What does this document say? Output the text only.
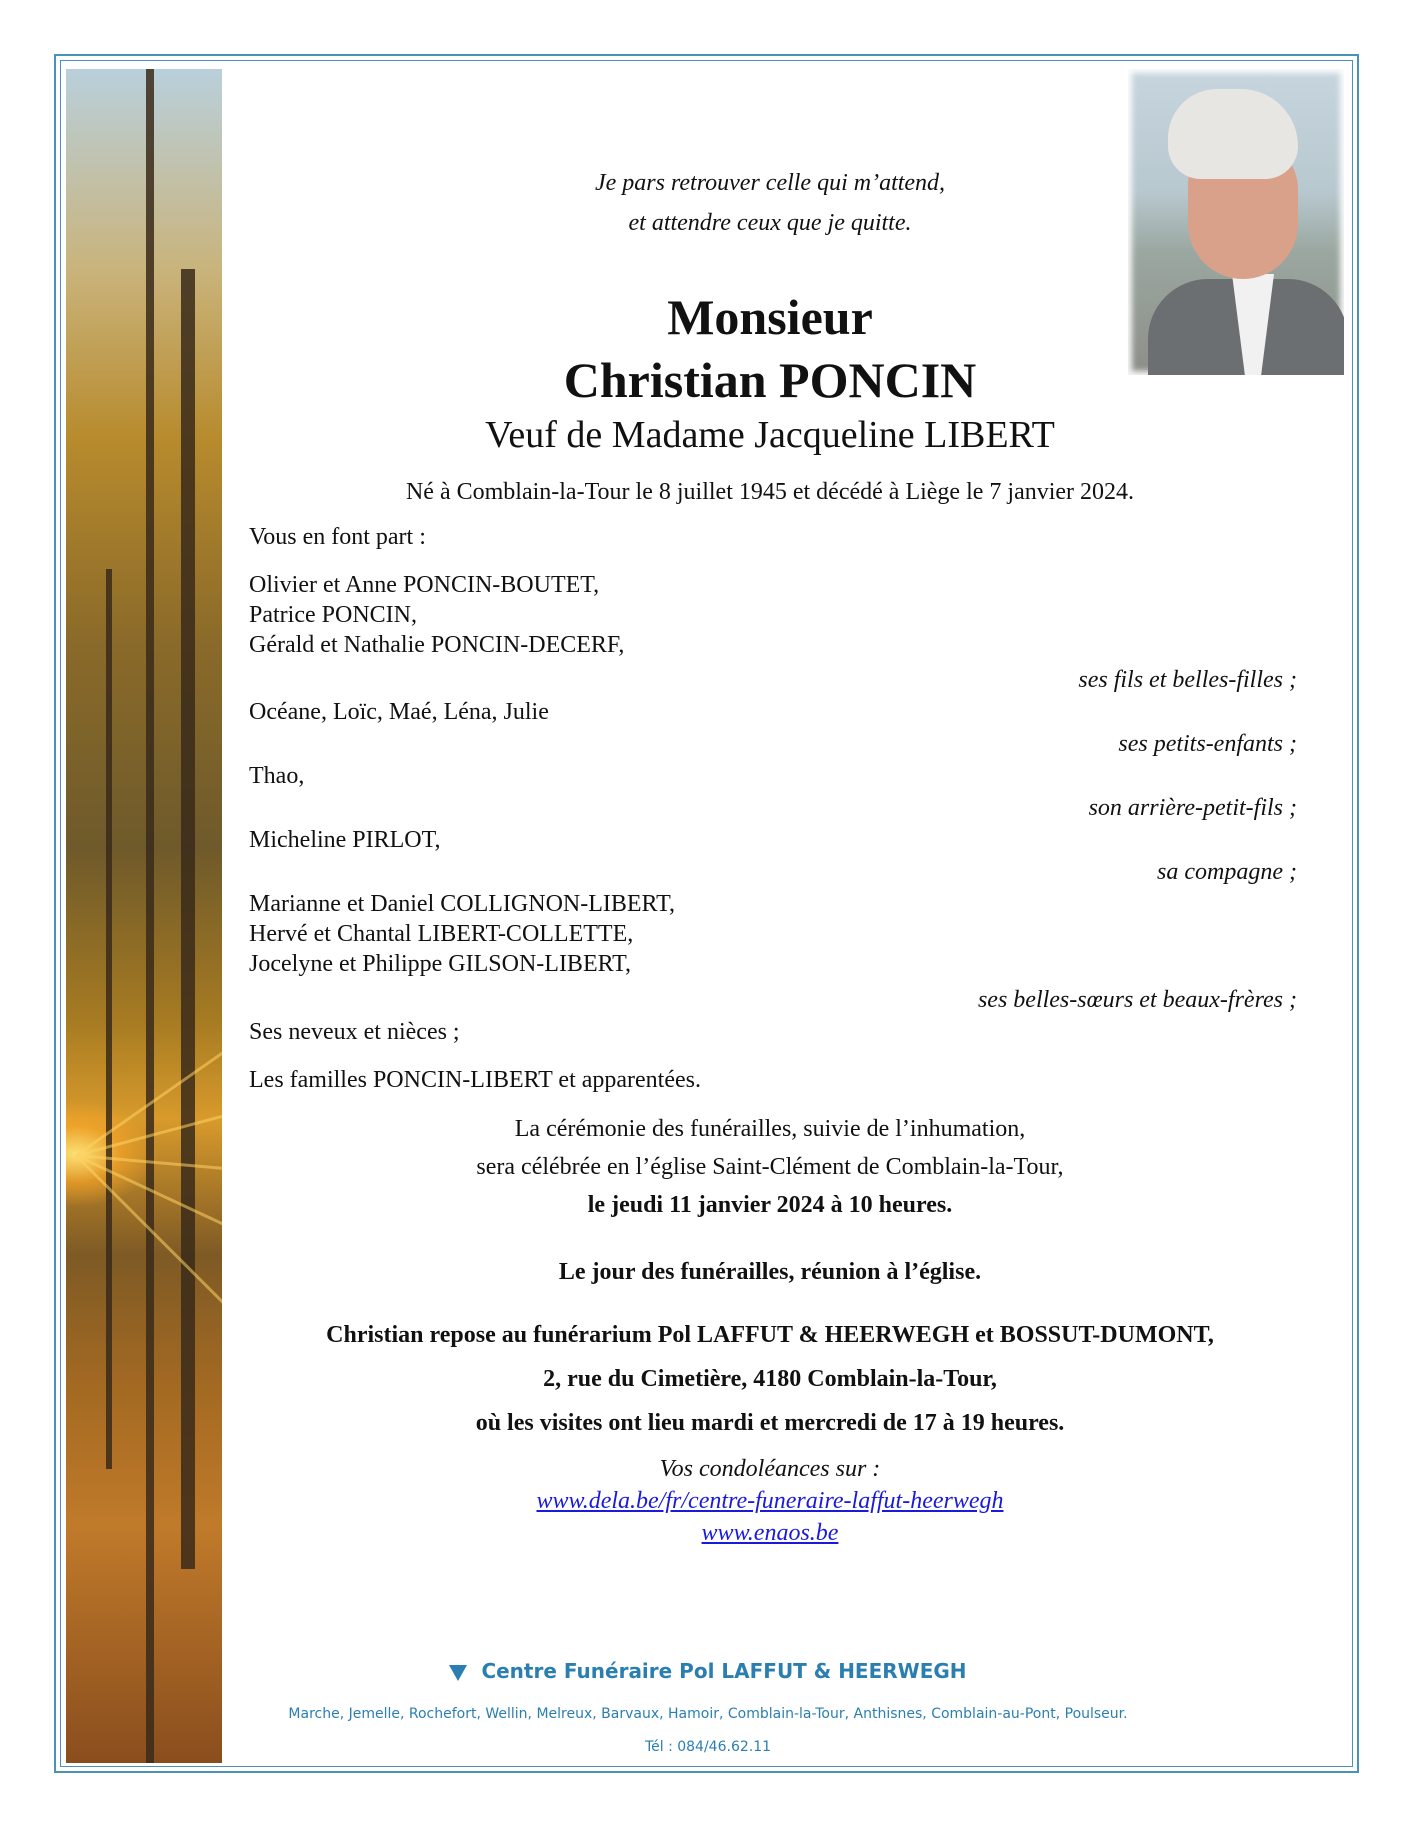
Je pars retrouver celle qui m’attend,
et attendre ceux que je quitte.
Monsieur
Christian PONCIN
Veuf de Madame Jacqueline LIBERT
Né à Comblain-la-Tour le 8 juillet 1945 et décédé à Liège le 7 janvier 2024.
Vous en font part :
Olivier et Anne PONCIN-BOUTET,
Patrice PONCIN,
Gérald et Nathalie PONCIN-DECERF,
ses fils et belles-filles ;
Océane, Loïc, Maé, Léna, Julie
ses petits-enfants ;
Thao,
son arrière-petit-fils ;
Micheline PIRLOT,
sa compagne ;
Marianne et Daniel COLLIGNON-LIBERT,
Hervé et Chantal LIBERT-COLLETTE,
Jocelyne et Philippe GILSON-LIBERT,
ses belles-sœurs et beaux-frères ;
Ses neveux et nièces ;
Les familles PONCIN-LIBERT et apparentées.
La cérémonie des funérailles, suivie de l’inhumation,
sera célébrée en l’église Saint-Clément de Comblain-la-Tour,
le jeudi 11 janvier 2024 à 10 heures.
Le jour des funérailles, réunion à l’église.
Christian repose au funérarium Pol LAFFUT & HEERWEGH et BOSSUT-DUMONT,
2, rue du Cimetière, 4180 Comblain-la-Tour,
où les visites ont lieu mardi et mercredi de 17 à 19 heures.
Vos condoléances sur :
www.dela.be/fr/centre-funeraire-laffut-heerwegh
www.enaos.be
Centre Funéraire Pol LAFFUT & HEERWEGH
Marche, Jemelle, Rochefort, Wellin, Melreux, Barvaux, Hamoir, Comblain-la-Tour, Anthisnes, Comblain-au-Pont, Poulseur.
Tél : 084/46.62.11
